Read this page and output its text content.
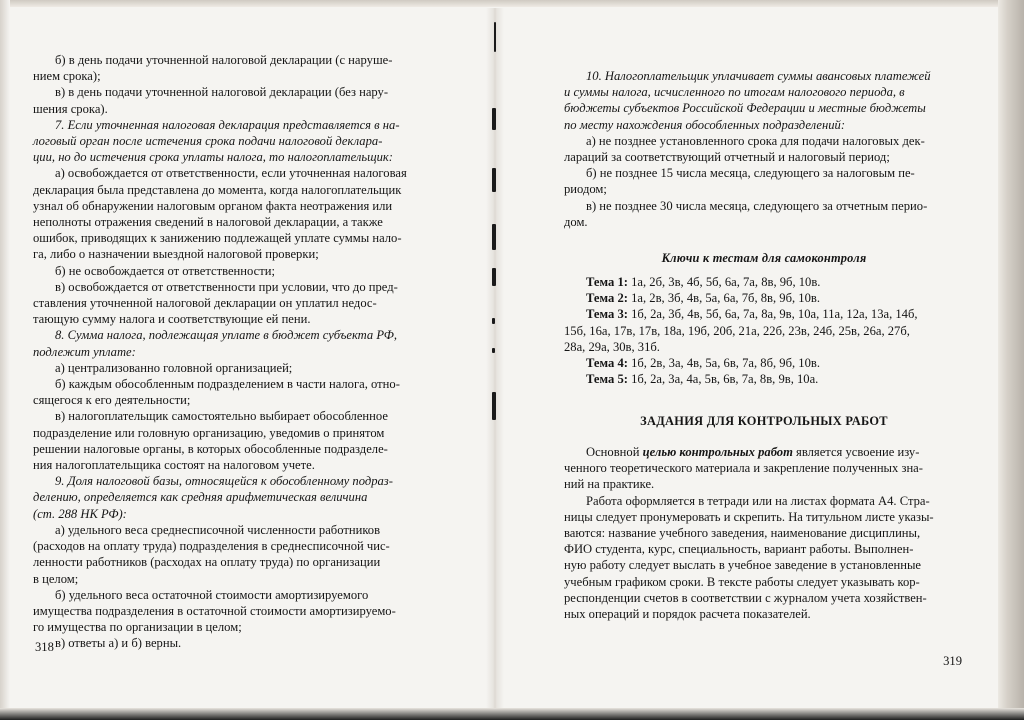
б) в день подачи уточненной налоговой декларации (с наруше-
нием срока);

в) в день подачи уточненной налоговой декларации (без нару-
шения срока).

7. Если уточненная налоговая декларация представляется в на-
логовый орган после истечения срока подачи налоговой деклара-
ции, но до истечения срока уплаты налога, то налогоплательщик:

а) освобождается от ответственности, если уточненная налоговая
декларация была представлена до момента, когда налогоплательщик
узнал об обнаружении налоговым органом факта неотражения или
неполноты отражения сведений в налоговой декларации, а также
ошибок, приводящих к занижению подлежащей уплате суммы нало-
га, либо о назначении выездной налоговой проверки;

б) не освобождается от ответственности;

в) освобождается от ответственности при условии, что до пред-
ставления уточненной налоговой декларации он уплатил недос-
тающую сумму налога и соответствующие ей пени.

8. Сумма налога, подлежащая уплате в бюджет субъекта РФ,
подлежит уплате:

а) централизованно головной организацией;

б) каждым обособленным подразделением в части налога, отно-
сящегося к его деятельности;

в) налогоплательщик самостоятельно выбирает обособленное
подразделение или головную организацию, уведомив о принятом
решении налоговые органы, в которых обособленные подразделе-
ния налогоплательщика состоят на налоговом учете.

9. Доля налоговой базы, относящейся к обособленному подраз-
делению, определяется как средняя арифметическая величина
(ст. 288 НК РФ):

а) удельного веса среднесписочной численности работников
(расходов на оплату труда) подразделения в среднесписочной чис-
ленности работников (расходах на оплату труда) по организации
в целом;

б) удельного веса остаточной стоимости амортизируемого
имущества подразделения в остаточной стоимости амортизируемо-
го имущества по организации в целом;

в) ответы а) и б) верны.

318

10. Налогоплательщик уплачивает суммы авансовых платежей
и суммы налога, исчисленного по итогам налогового периода, в
бюджеты субъектов Российской Федерации и местные бюджеты
по месту нахождения обособленных подразделений:

а) не позднее установленного срока для подачи налоговых дек-
лараций за соответствующий отчетный и налоговый период;

б) не позднее 15 числа месяца, следующего за налоговым пе-
риодом;

в) не позднее 30 числа месяца, следующего за отчетным перио-
дом.

Ключи к тестам для самоконтроля

Тема 1: 1а, 2б, 3в, 4б, 5б, 6а, 7а, 8в, 9б, 10в.

Тема 2: 1а, 2в, 3б, 4в, 5а, 6а, 7б, 8в, 9б, 10в.

Тема 3: 1б, 2а, 3б, 4в, 5б, 6а, 7а, 8а, 9в, 10а, 11а, 12а, 13а, 14б,
15б, 16а, 17в, 17в, 18а, 19б, 20б, 21а, 22б, 23в, 24б, 25в, 26а, 27б,
28а, 29а, 30в, 31б.

Тема 4: 1б, 2в, 3а, 4в, 5а, 6в, 7а, 8б, 9б, 10в.

Тема 5: 1б, 2а, 3а, 4а, 5в, 6в, 7а, 8в, 9в, 10а.

ЗАДАНИЯ ДЛЯ КОНТРОЛЬНЫХ РАБОТ

Основной целью контрольных работ является усвоение изу-
ченного теоретического материала и закрепление полученных зна-
ний на практике.

Работа оформляется в тетради или на листах формата А4. Стра-
ницы следует пронумеровать и скрепить. На титульном листе указы-
ваются: название учебного заведения, наименование дисциплины,
ФИО студента, курс, специальность, вариант работы. Выполнен-
ную работу следует выслать в учебное заведение в установленные
учебным графиком сроки. В тексте работы следует указывать кор-
респонденции счетов в соответствии с журналом учета хозяйствен-
ных операций и порядок расчета показателей.

319
